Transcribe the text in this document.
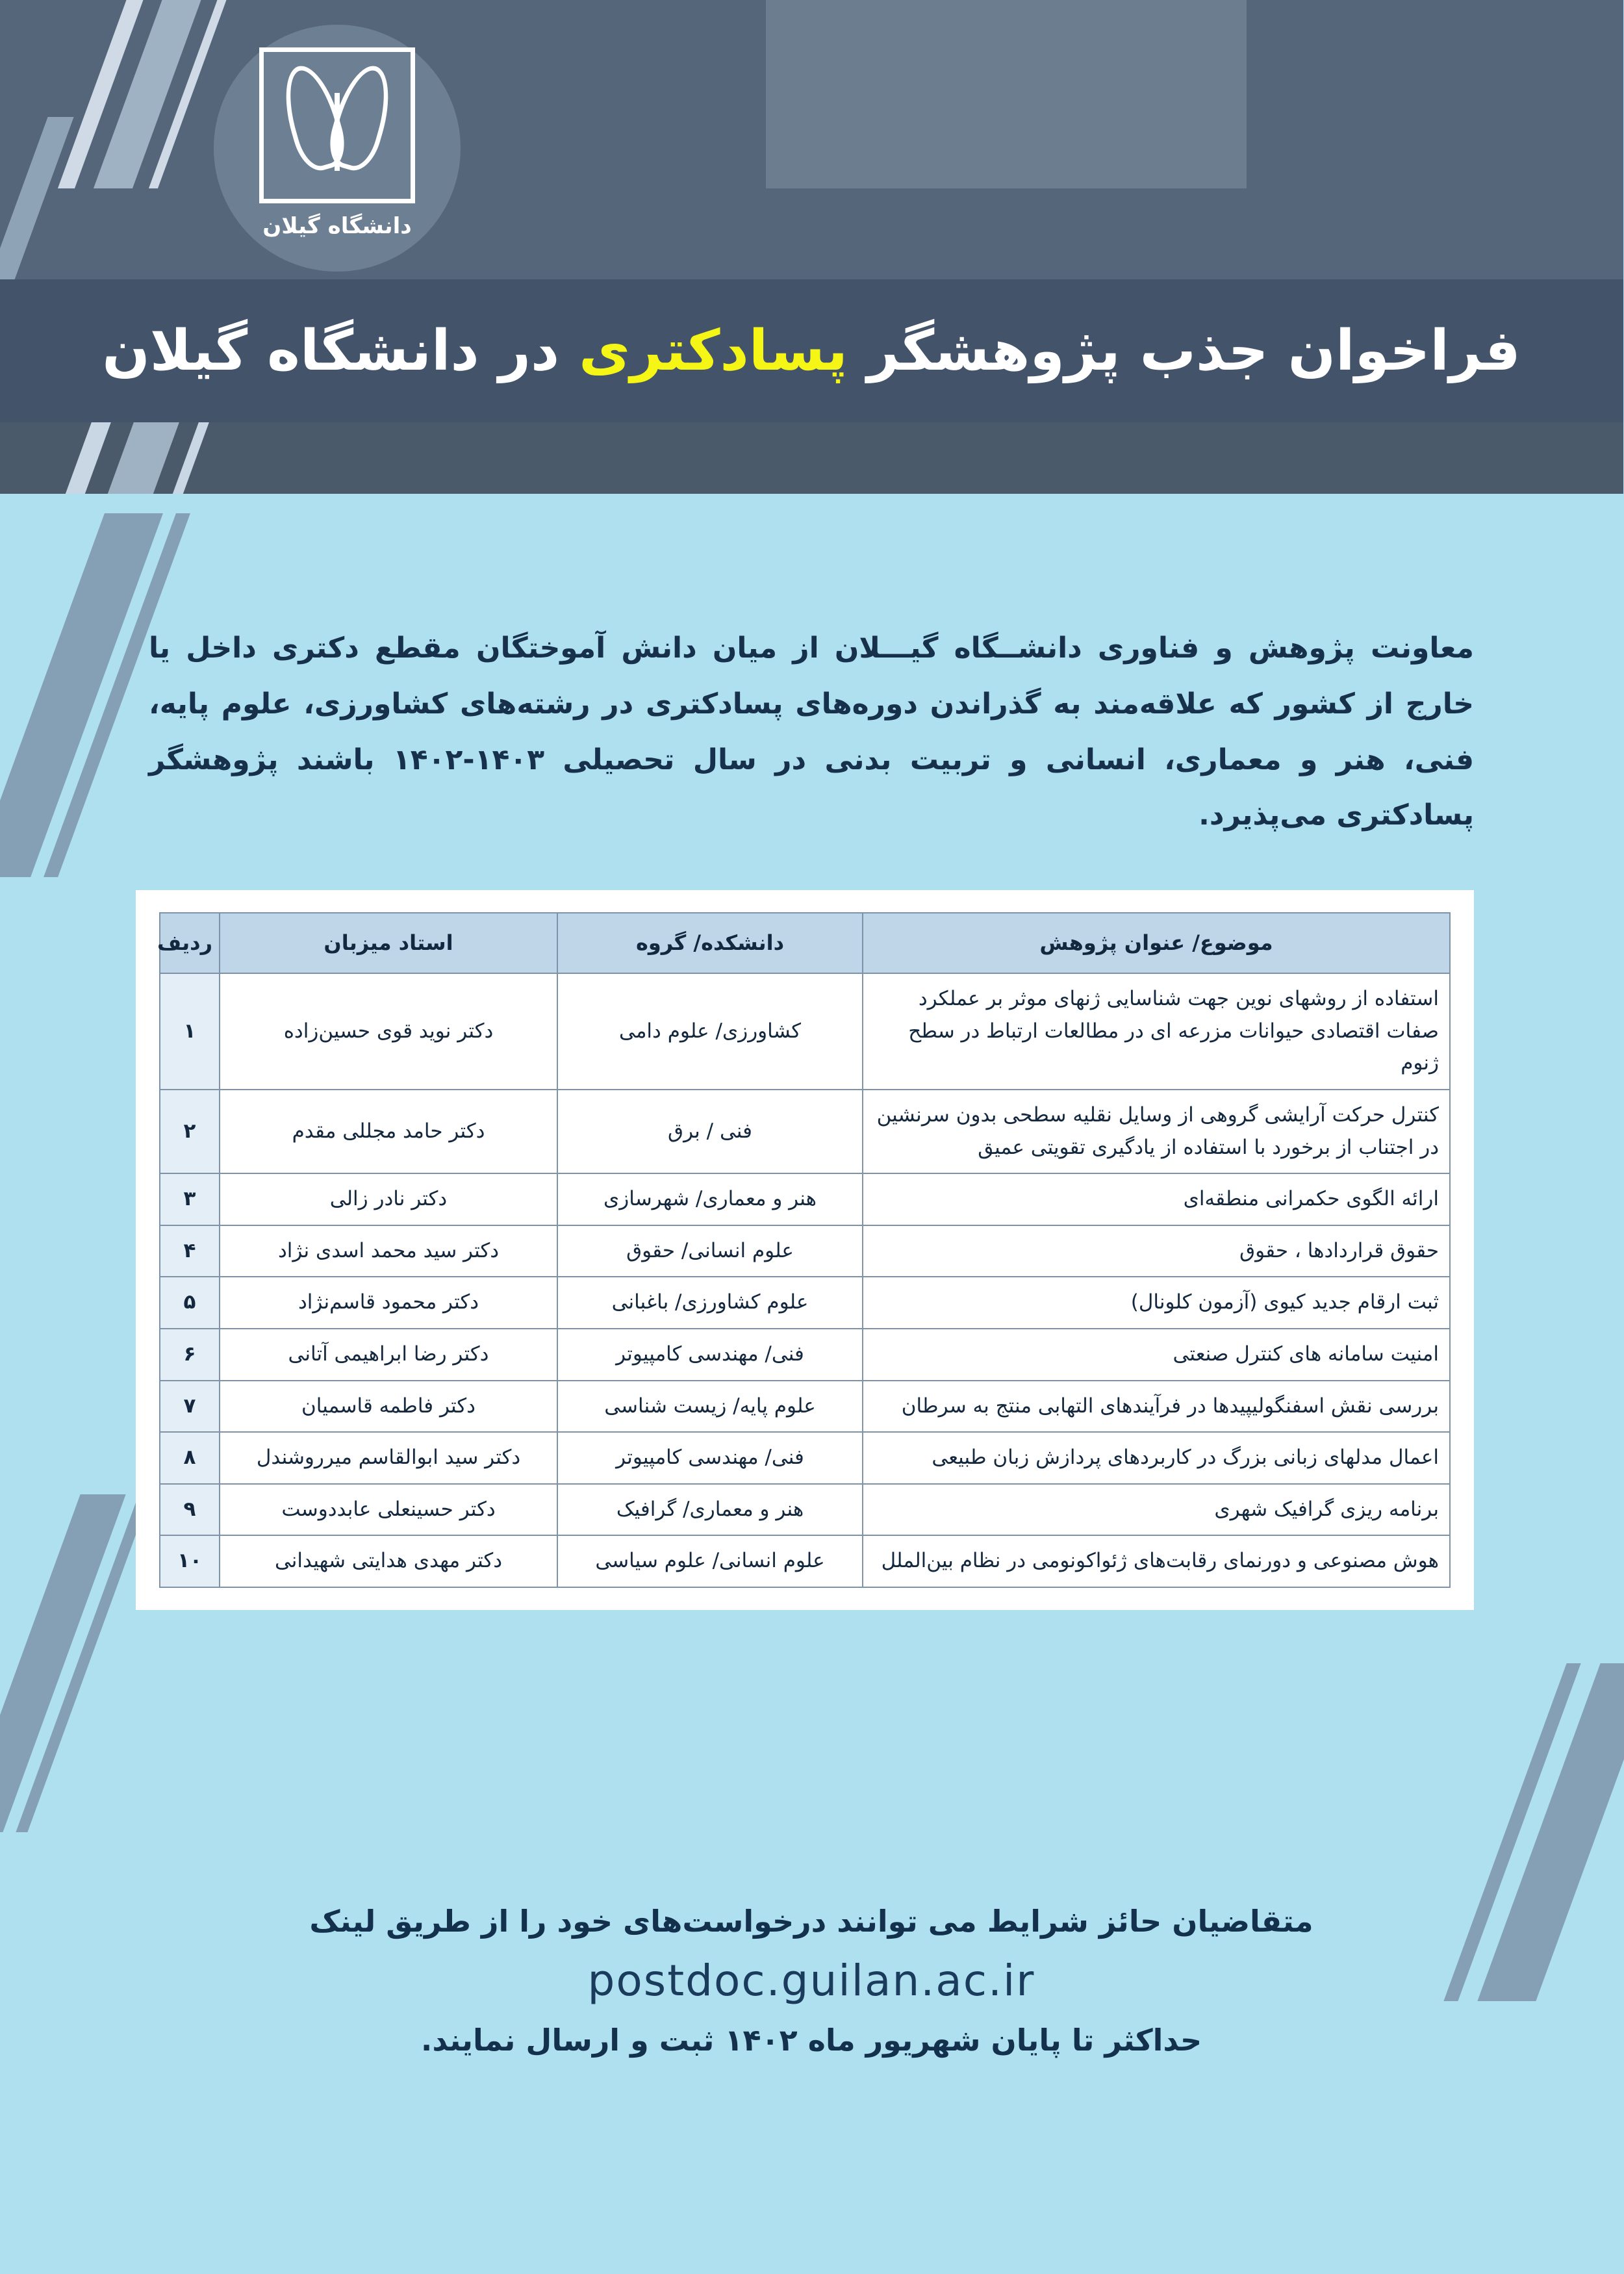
دانشگاه گیلان
فراخوان جذب پژوهشگر پسادکتری در دانشگاه گیلان
معاونت پژوهش و فناوری دانشــگاه گیـــلان از میان دانش آموختگان مقطع دکتری داخل یا خارج از کشور که علاقه‌مند به گذراندن دوره‌های پسادکتری در رشته‌های کشاورزی، علوم پایه، فنی، هنر و معماری، انسانی و تربیت بدنی در سال تحصیلی ۱۴۰۳-۱۴۰۲ باشند پژوهشگر پسادکتری می‌پذیرد.
موضوع/ عنوان پژوهش	دانشکده/ گروه	استاد میزبان	ردیف
استفاده از روشهای نوین جهت شناسایی ژنهای موثر بر عملکرد صفات اقتصادی حیوانات مزرعه ای در مطالعات ارتباط در سطح ژنوم	کشاورزی/ علوم دامی	دکتر نوید قوی حسین‌زاده	۱
کنترل حرکت آرایشی گروهی از وسایل نقلیه سطحی بدون سرنشین در اجتناب از برخورد با استفاده از یادگیری تقویتی عمیق	فنی / برق	دکتر حامد مجللی مقدم	۲
ارائه الگوی حکمرانی منطقه‌ای	هنر و معماری/ شهرسازی	دکتر نادر زالی	۳
حقوق قراردادها ، حقوق	علوم انسانی/ حقوق	دکتر سید محمد اسدی نژاد	۴
ثبت ارقام جدید کیوی (آزمون کلونال)	علوم کشاورزی/ باغبانی	دکتر محمود قاسم‌نژاد	۵
امنیت سامانه های کنترل صنعتی	فنی/ مهندسی کامپیوتر	دکتر رضا ابراهیمی آتانی	۶
بررسی نقش اسفنگولیپیدها در فرآیندهای التهابی منتج به سرطان	علوم پایه/ زیست شناسی	دکتر فاطمه قاسمیان	۷
اعمال مدلهای زبانی بزرگ در کاربردهای پردازش زبان طبیعی	فنی/ مهندسی کامپیوتر	دکتر سید ابوالقاسم میرروشندل	۸
برنامه ریزی گرافیک شهری	هنر و معماری/ گرافیک	دکتر حسینعلی عابددوست	۹
هوش مصنوعی و دورنمای رقابت‌های ژئواکونومی در نظام بین‌الملل	علوم انسانی/ علوم سیاسی	دکتر مهدی هدایتی شهیدانی	۱۰
متقاضیان حائز شرایط می توانند درخواست‌های خود را از طریق لینک
postdoc.guilan.ac.ir
حداکثر تا پایان شهریور ماه ۱۴۰۲ ثبت و ارسال نمایند.
